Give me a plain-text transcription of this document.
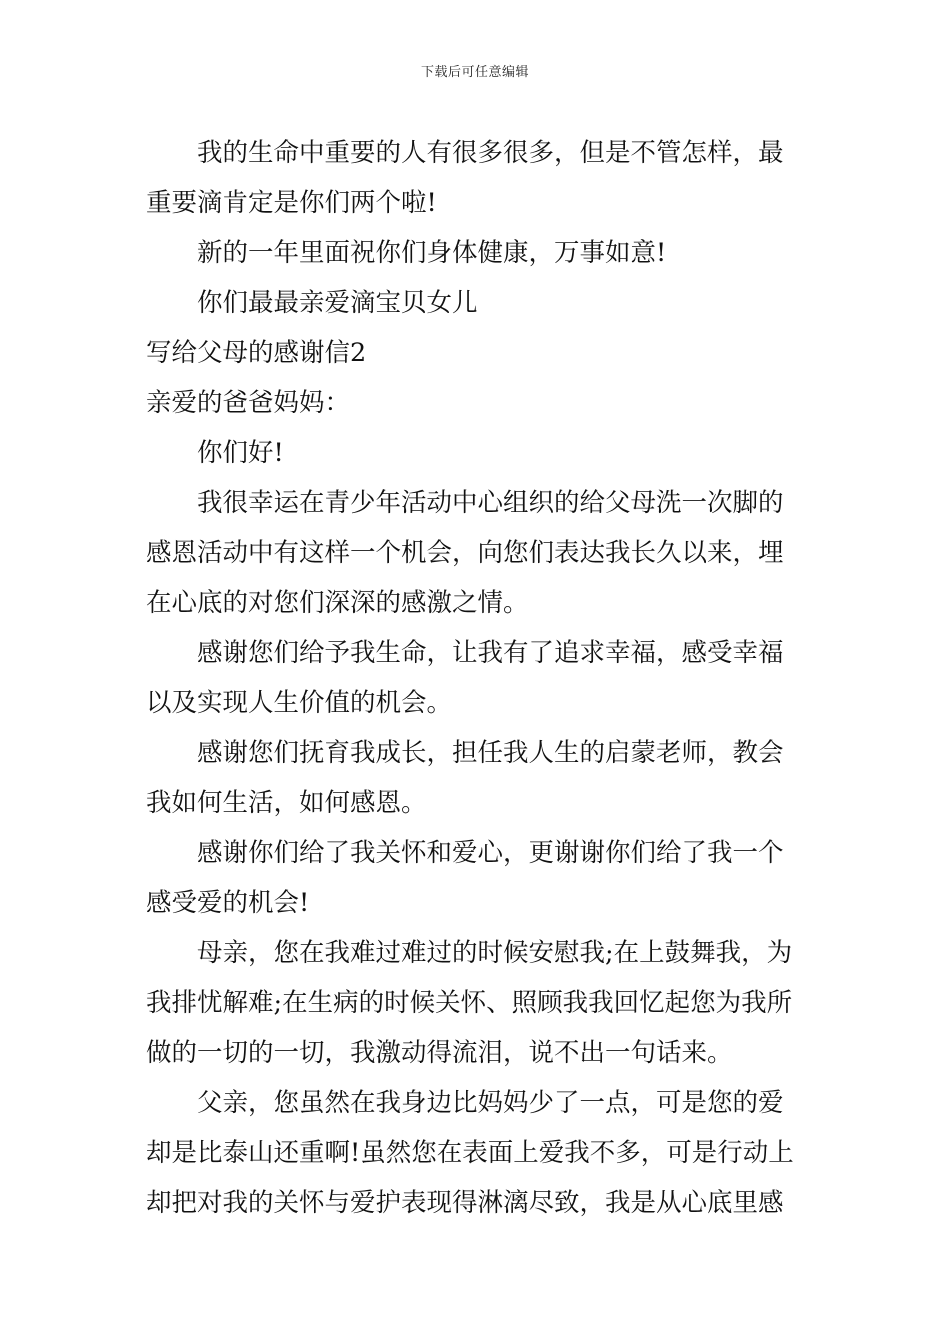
下载后可任意编辑
我的生命中重要的人有很多很多，但是不管怎样，最
重要滴肯定是你们两个啦!
新的一年里面祝你们身体健康，万事如意!
你们最最亲爱滴宝贝女儿
写给父母的感谢信2
亲爱的爸爸妈妈：
你们好!
我很幸运在青少年活动中心组织的给父母洗一次脚的
感恩活动中有这样一个机会，向您们表达我长久以来，埋
在心底的对您们深深的感激之情。
感谢您们给予我生命，让我有了追求幸福，感受幸福
以及实现人生价值的机会。
感谢您们抚育我成长，担任我人生的启蒙老师，教会
我如何生活，如何感恩。
感谢你们给了我关怀和爱心，更谢谢你们给了我一个
感受爱的机会!
母亲，您在我难过难过的时候安慰我;在上鼓舞我，为
我排忧解难;在生病的时候关怀、照顾我我回忆起您为我所
做的一切的一切，我激动得流泪，说不出一句话来。
父亲，您虽然在我身边比妈妈少了一点，可是您的爱
却是比泰山还重啊!虽然您在表面上爱我不多，可是行动上
却把对我的关怀与爱护表现得淋漓尽致，我是从心底里感
